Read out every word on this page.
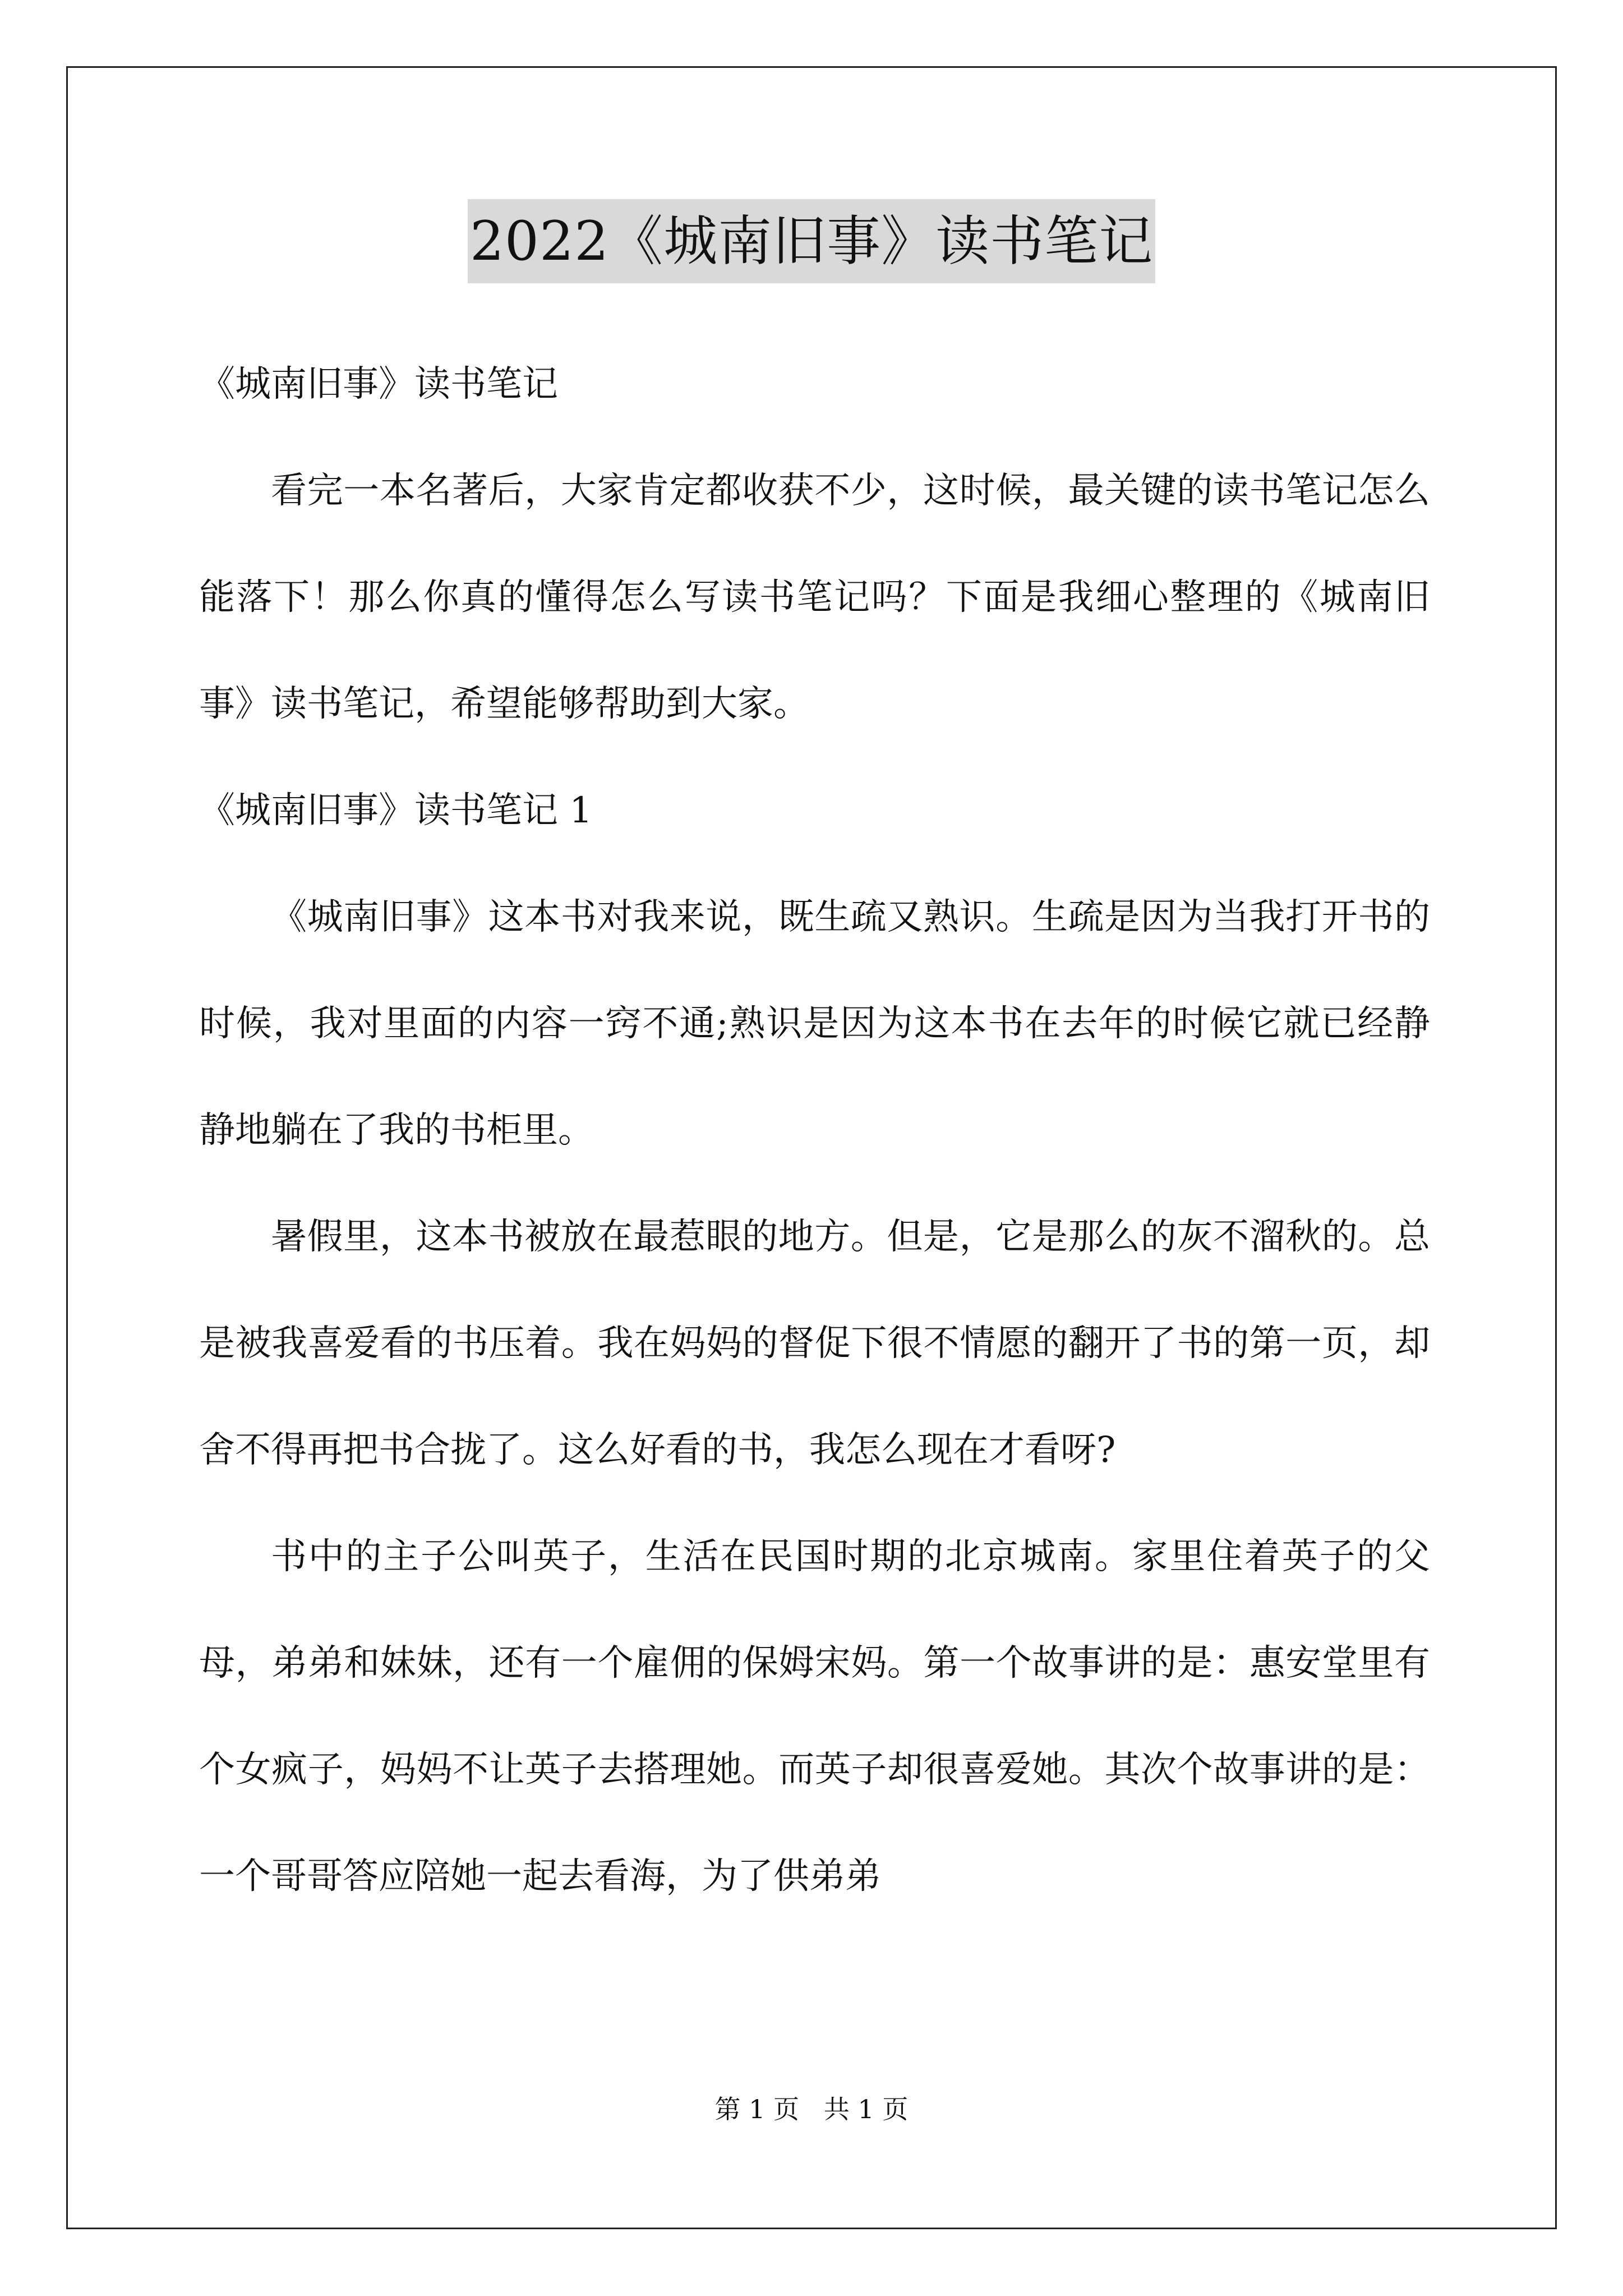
2022《城南旧事》读书笔记

《城南旧事》读书笔记

看完一本名著后，大家肯定都收获不少，这时候，最关键的读书笔记怎么能落下！那么你真的懂得怎么写读书笔记吗？下面是我细心整理的《城南旧事》读书笔记，希望能够帮助到大家。

《城南旧事》读书笔记 1

《城南旧事》这本书对我来说，既生疏又熟识。生疏是因为当我打开书的时候，我对里面的内容一窍不通;熟识是因为这本书在去年的时候它就已经静静地躺在了我的书柜里。

暑假里，这本书被放在最惹眼的地方。但是，它是那么的灰不溜秋的。总是被我喜爱看的书压着。我在妈妈的督促下很不情愿的翻开了书的第一页，却舍不得再把书合拢了。这么好看的书，我怎么现在才看呀?

书中的主子公叫英子，生活在民国时期的北京城南。家里住着英子的父母，弟弟和妹妹，还有一个雇佣的保姆宋妈。第一个故事讲的是：惠安堂里有个女疯子，妈妈不让英子去搭理她。而英子却很喜爱她。其次个故事讲的是：一个哥哥答应陪她一起去看海，为了供弟弟

第 1 页   共 1 页
